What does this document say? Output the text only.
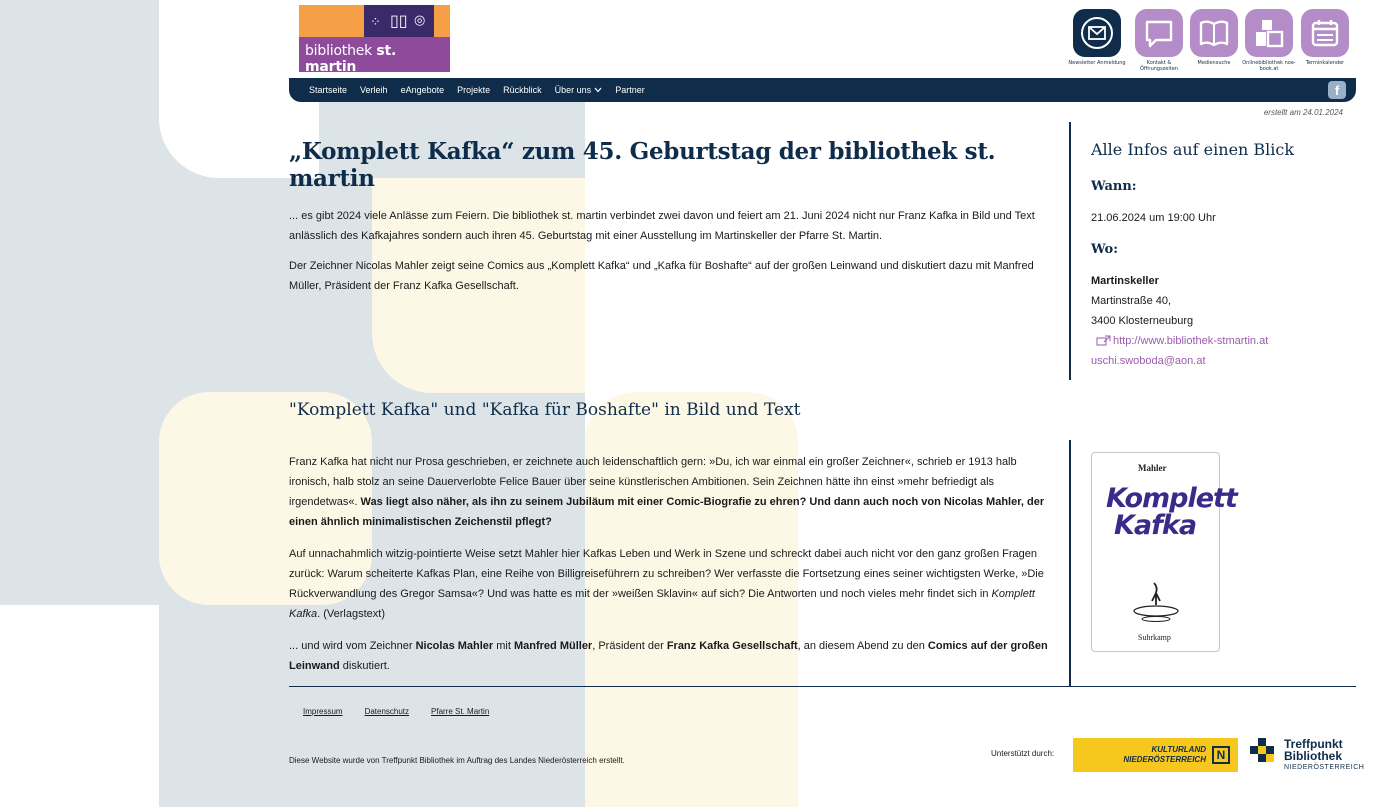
⁘ ▯▯ ◎
bibliothek st. martin	Newsletter Anmeldung	Kontakt & Öffnungszeiten
Mediensuche	Onlinebibliothek noe-book.at
Terminkalender
Startseite Verleih eAngebote Projekte Rückblick Über uns	Partner	f
erstellt am 24.01.2024
„Komplett Kafka“ zum 45. Geburtstag der bibliothek st. martin

... es gibt 2024 viele Anlässe zum Feiern. Die bibliothek st. martin verbindet zwei davon und feiert am 21. Juni 2024 nicht nur Franz Kafka in Bild und Text anlässlich des Kafkajahres sondern auch ihren 45. Geburtstag mit einer Ausstellung im Martinskeller der Pfarre St. Martin.

Der Zeichner Nicolas Mahler zeigt seine Comics aus „Komplett Kafka“ und „Kafka für Boshafte“ auf der großen Leinwand und diskutiert dazu mit Manfred Müller, Präsident der Franz Kafka Gesellschaft.

Alle Infos auf einen Blick
Wann:
21.06.2024 um 19:00 Uhr
Wo:
Martinskeller
Martinstraße 40,
3400 Klosterneuburg
http://www.bibliothek-stmartin.at
uschi.swoboda@aon.at
"Komplett Kafka" und "Kafka für Boshafte" in Bild und Text

Franz Kafka hat nicht nur Prosa geschrieben, er zeichnete auch leidenschaftlich gern: »Du, ich war einmal ein großer Zeichner«, schrieb er 1913 halb ironisch, halb stolz an seine Dauerverlobte Felice Bauer über seine künstlerischen Ambitionen. Sein Zeichnen hätte ihn einst »mehr befriedigt als irgendetwas«. Was liegt also näher, als ihn zu seinem Jubiläum mit einer Comic-Biografie zu ehren? Und dann auch noch von Nicolas Mahler, der einen ähnlich minimalistischen Zeichenstil pflegt?

Auf unnachahmlich witzig-pointierte Weise setzt Mahler hier Kafkas Leben und Werk in Szene und schreckt dabei auch nicht vor den ganz großen Fragen zurück: Warum scheiterte Kafkas Plan, eine Reihe von Billigreiseführern zu schreiben? Wer verfasste die Fortsetzung eines seiner wichtigsten Werke, »Die Rückverwandlung des Gregor Samsa«? Und was hatte es mit der »weißen Sklavin« auf sich? Die Antworten und noch vieles mehr findet sich in Komplett Kafka. (Verlagstext)

... und wird vom Zeichner Nicolas Mahler mit Manfred Müller, Präsident der Franz Kafka Gesellschaft, an diesem Abend zu den Comics auf der großen Leinwand diskutiert.

Mahler
Komplett
Kafka
Suhrkamp
Impressum	Datenschutz	Pfarre St. Martin
Diese Website wurde von Treffpunkt Bibliothek im Auftrag des Landes Niederösterreich erstellt.
Unterstützt durch:	KULTURLAND
NIEDERÖSTERREICH N
Treffpunkt
Bibliothek
NIEDERÖSTERREICH
